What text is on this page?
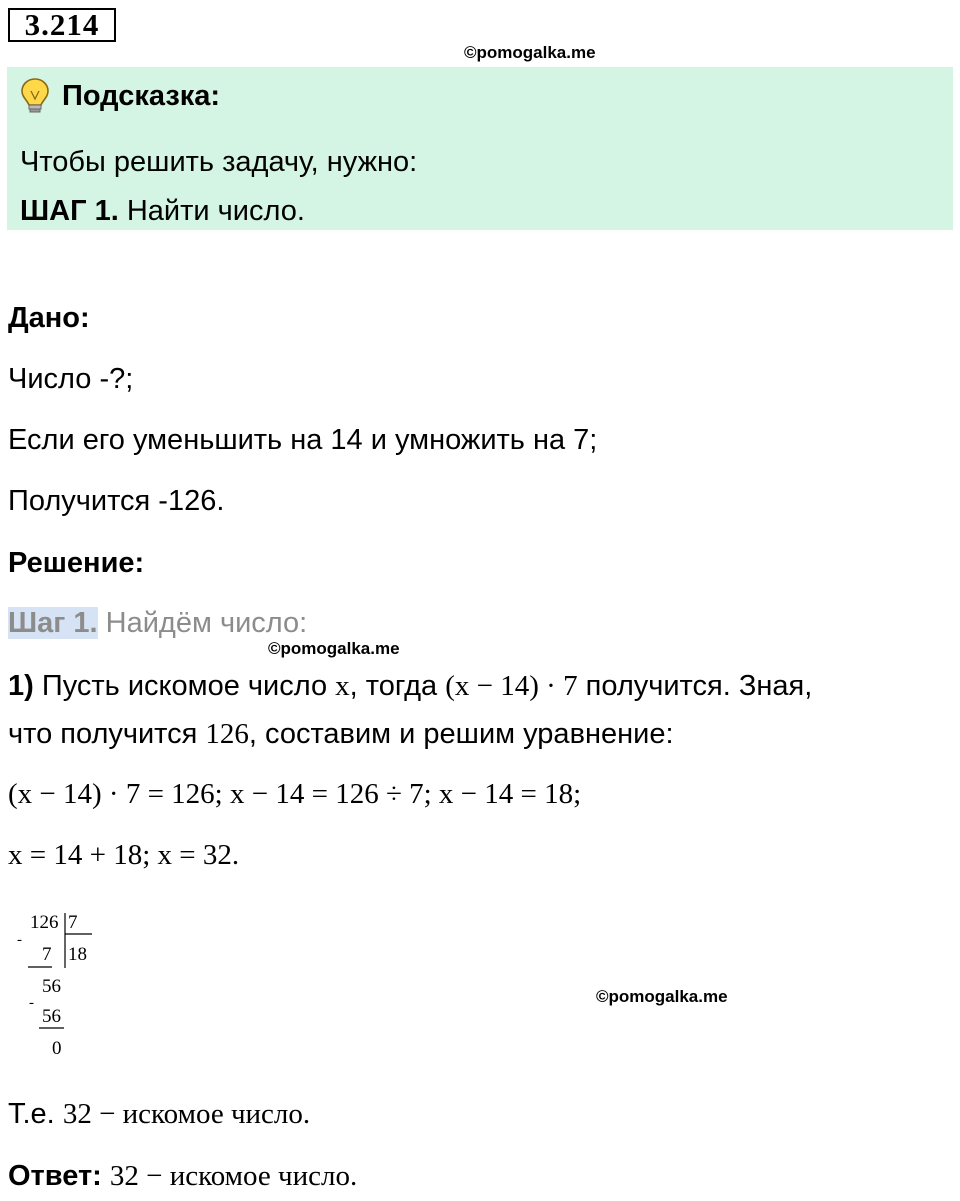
3.214
©pomogalka.me
Подсказка:
Чтобы решить задачу, нужно:
ШАГ 1. Найти число.
Дано:
Число -?;
Если его уменьшить на 14 и умножить на 7;
Получится -126.
Решение:
Шаг 1. Найдём число:
©pomogalka.me
1) Пусть искомое число x, тогда (x − 14) · 7 получится. Зная,
что получится 126, составим и решим уравнение:
(x − 14) · 7 = 126; x − 14 = 126 ÷ 7; x − 14 = 18;
x = 14 + 18; x = 32.
126 7
-
7 18
56
-
56
0
©pomogalka.me
Т.е. 32 − искомое число.
Ответ: 32 − искомое число.
